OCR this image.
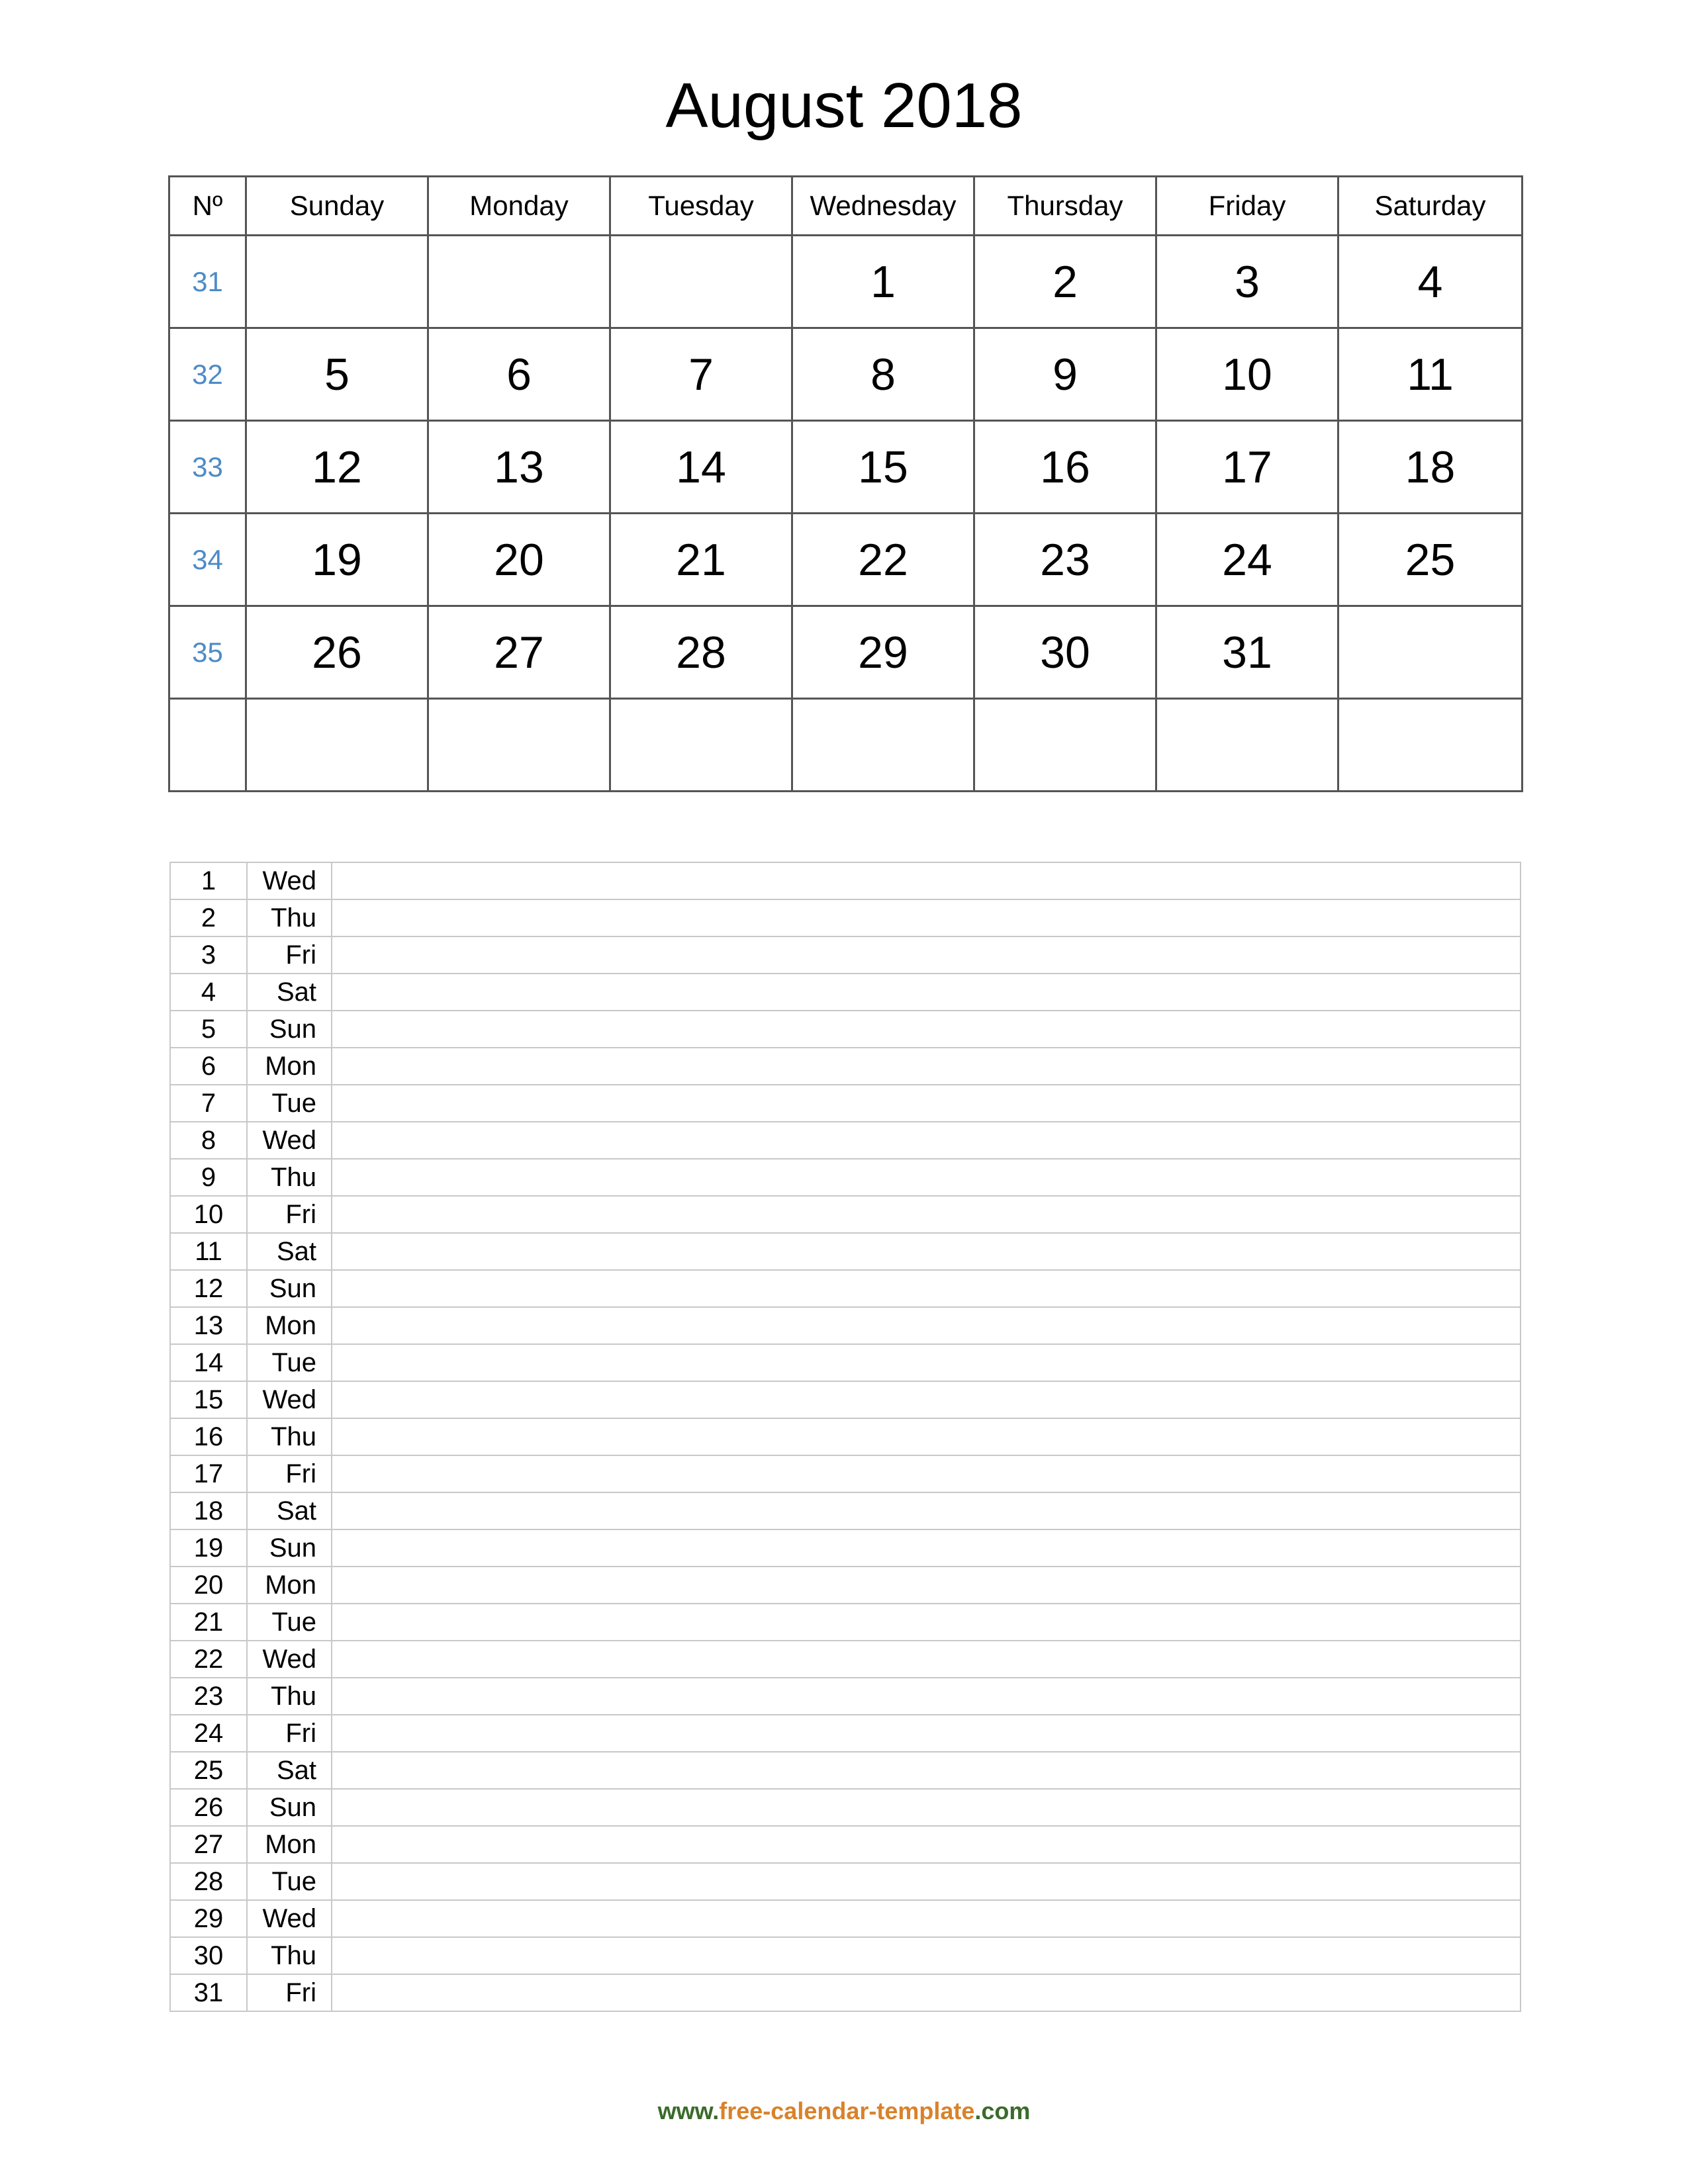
August 2018
Nº	Sunday	Monday	Tuesday	Wednesday	Thursday	Friday	Saturday
31				1	2	3	4
32	5	6	7	8	9	10	11
33	12	13	14	15	16	17	18
34	19	20	21	22	23	24	25
35	26	27	28	29	30	31	

1	Wed	
2	Thu	
3	Fri	
4	Sat	
5	Sun	
6	Mon	
7	Tue	
8	Wed	
9	Thu	
10	Fri	
11	Sat	
12	Sun	
13	Mon	
14	Tue	
15	Wed	
16	Thu	
17	Fri	
18	Sat	
19	Sun	
20	Mon	
21	Tue	
22	Wed	
23	Thu	
24	Fri	
25	Sat	
26	Sun	
27	Mon	
28	Tue	
29	Wed	
30	Thu	
31	Fri	
www.free-calendar-template.com
